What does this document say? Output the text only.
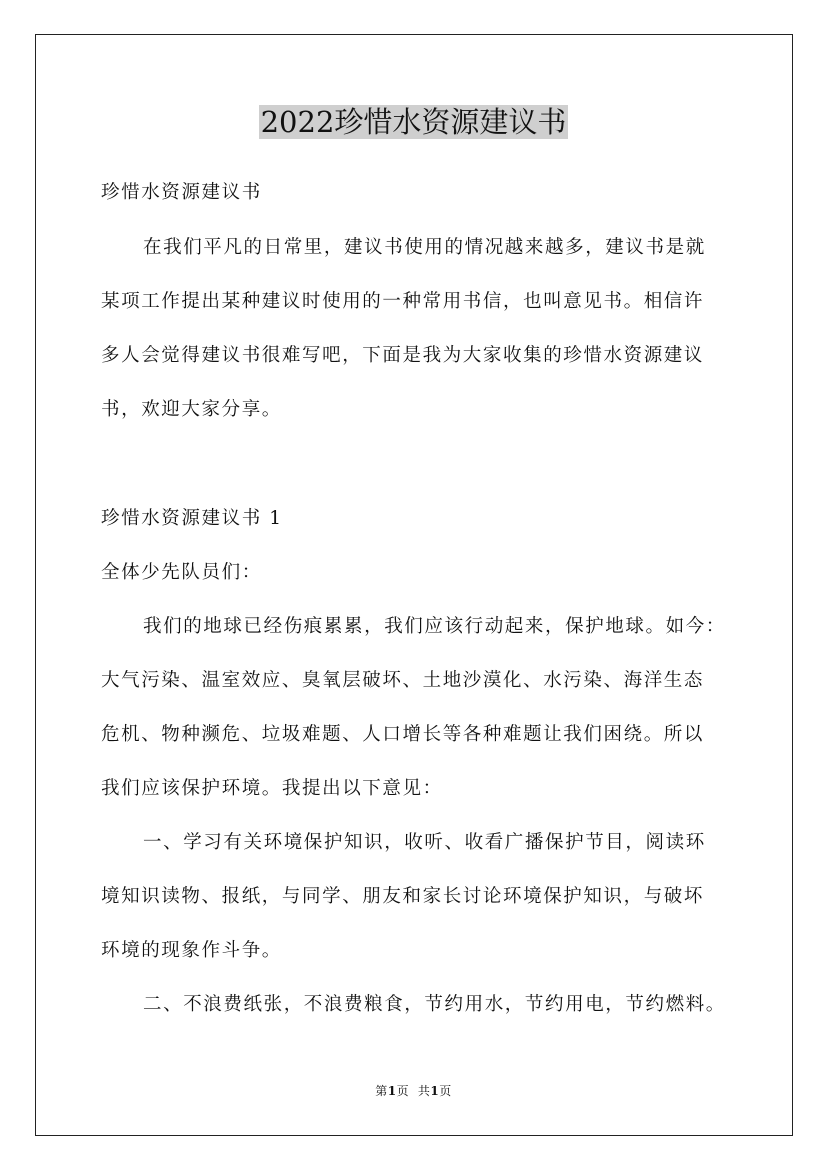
2022珍惜水资源建议书
珍惜水资源建议书
在我们平凡的日常里，建议书使用的情况越来越多，建议书是就
某项工作提出某种建议时使用的一种常用书信，也叫意见书。相信许
多人会觉得建议书很难写吧，下面是我为大家收集的珍惜水资源建议
书，欢迎大家分享。
珍惜水资源建议书 1
全体少先队员们：
我们的地球已经伤痕累累，我们应该行动起来，保护地球。如今：
大气污染、温室效应、臭氧层破坏、土地沙漠化、水污染、海洋生态
危机、物种濒危、垃圾难题、人口增长等各种难题让我们困绕。所以
我们应该保护环境。我提出以下意见：
一、学习有关环境保护知识，收听、收看广播保护节目，阅读环
境知识读物、报纸，与同学、朋友和家长讨论环境保护知识，与破坏
环境的现象作斗争。
二、不浪费纸张，不浪费粮食，节约用水，节约用电，节约燃料。
第1页 共1页
